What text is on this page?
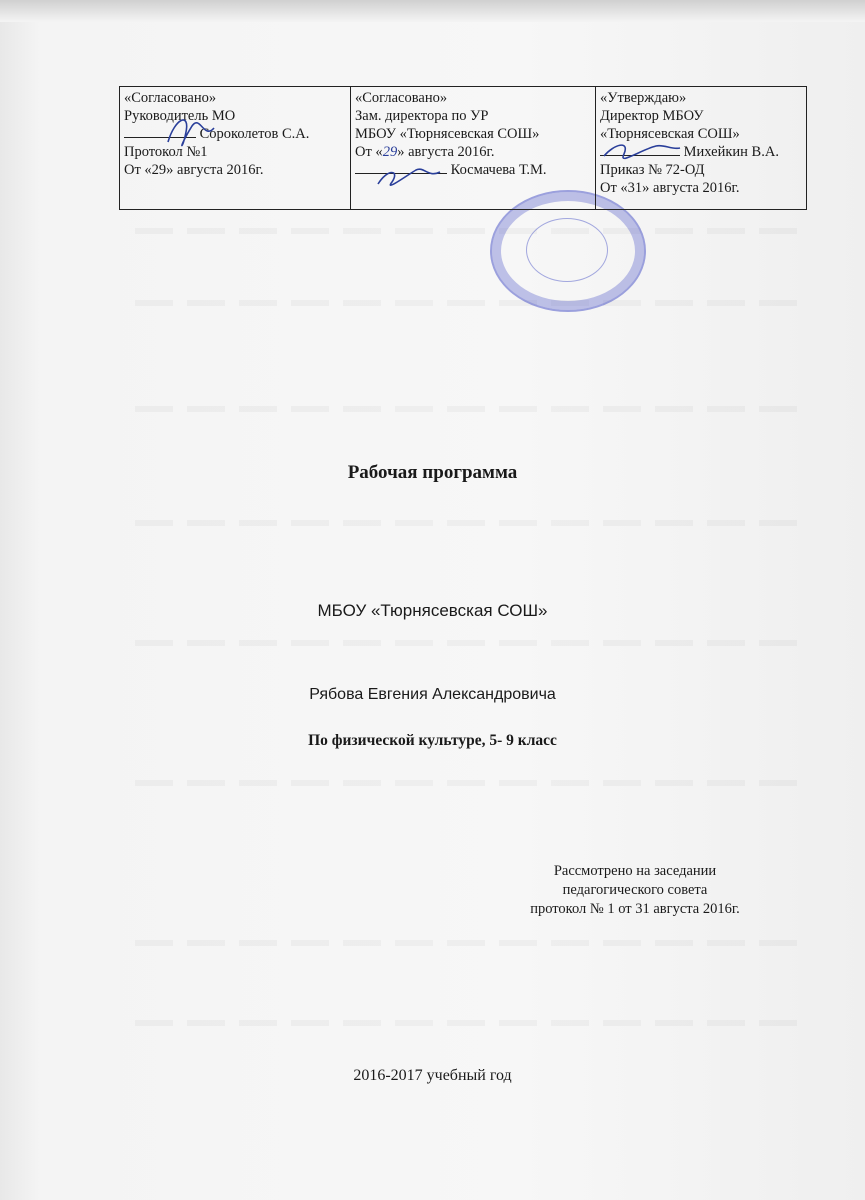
«Согласовано»
Руководитель МО
Сороколетов С.А.
Протокол №1
От «29» августа 2016г.

«Согласовано»
Зам. директора по УР
МБОУ «Тюрнясевская СОШ»
От «29» августа 2016г.
Космачева Т.М.

«Утверждаю»
Директор МБОУ
«Тюрнясевская СОШ»
Михейкин В.А.
Приказ № 72-ОД
От «31» августа 2016г.
Рабочая программа
МБОУ «Тюрнясевская СОШ»
Рябова Евгения Александровича
По физической культуре, 5- 9 класс
Рассмотрено на заседании
педагогического совета
протокол № 1 от 31 августа 2016г.
2016-2017 учебный год
